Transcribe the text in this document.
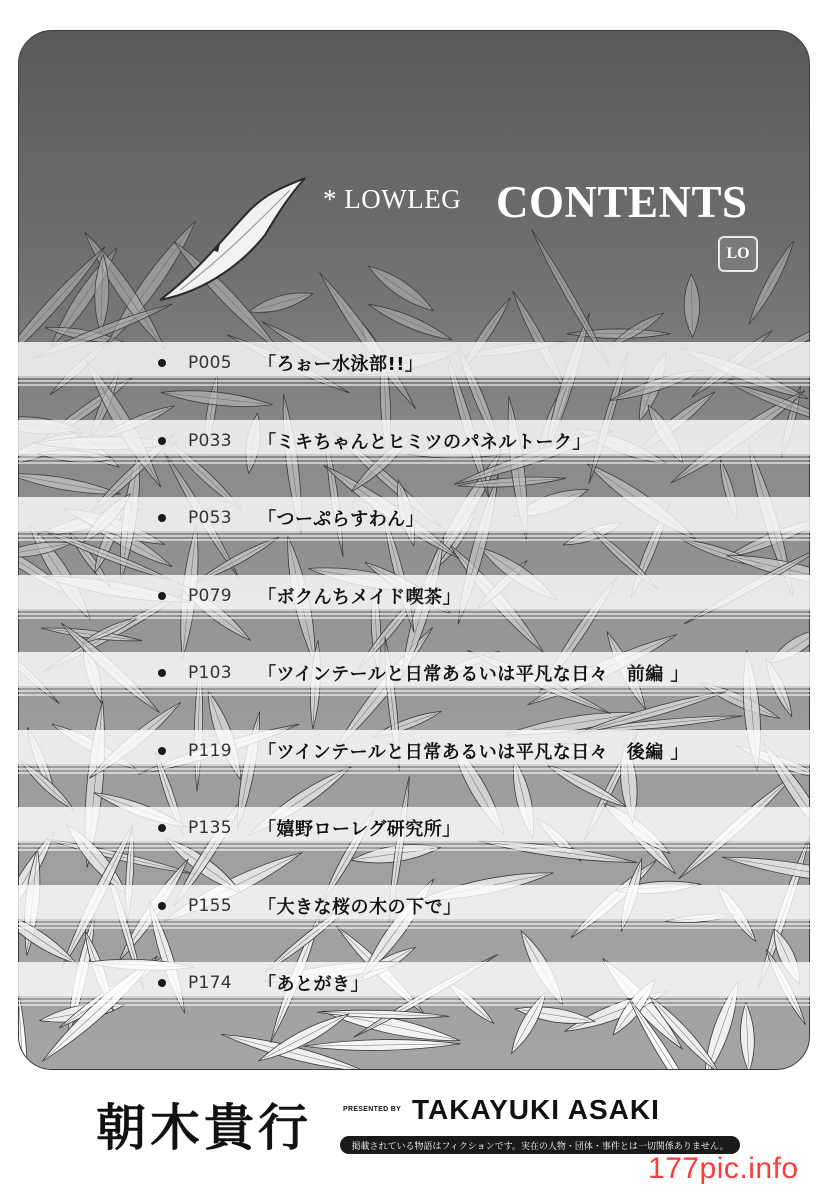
* LOWLEG CONTENTS
LO
P005	「ろぉー水泳部!!」
P033	「ミキちゃんとヒミツのパネルトーク」
P053	「つーぷらすわん」
P079	「ボクんちメイド喫茶」
P103	「ツインテールと日常あるいは平凡な日々　前編 」
P119	「ツインテールと日常あるいは平凡な日々　後編 」
P135	「嬉野ローレグ研究所」
P155	「大きな桜の木の下で」
P174	「あとがき」
朝木貴行	PRESENTED BY TAKAYUKI ASAKI
掲載されている物語はフィクションです。実在の人物・団体・事件とは一切関係ありません。
177pic.info
